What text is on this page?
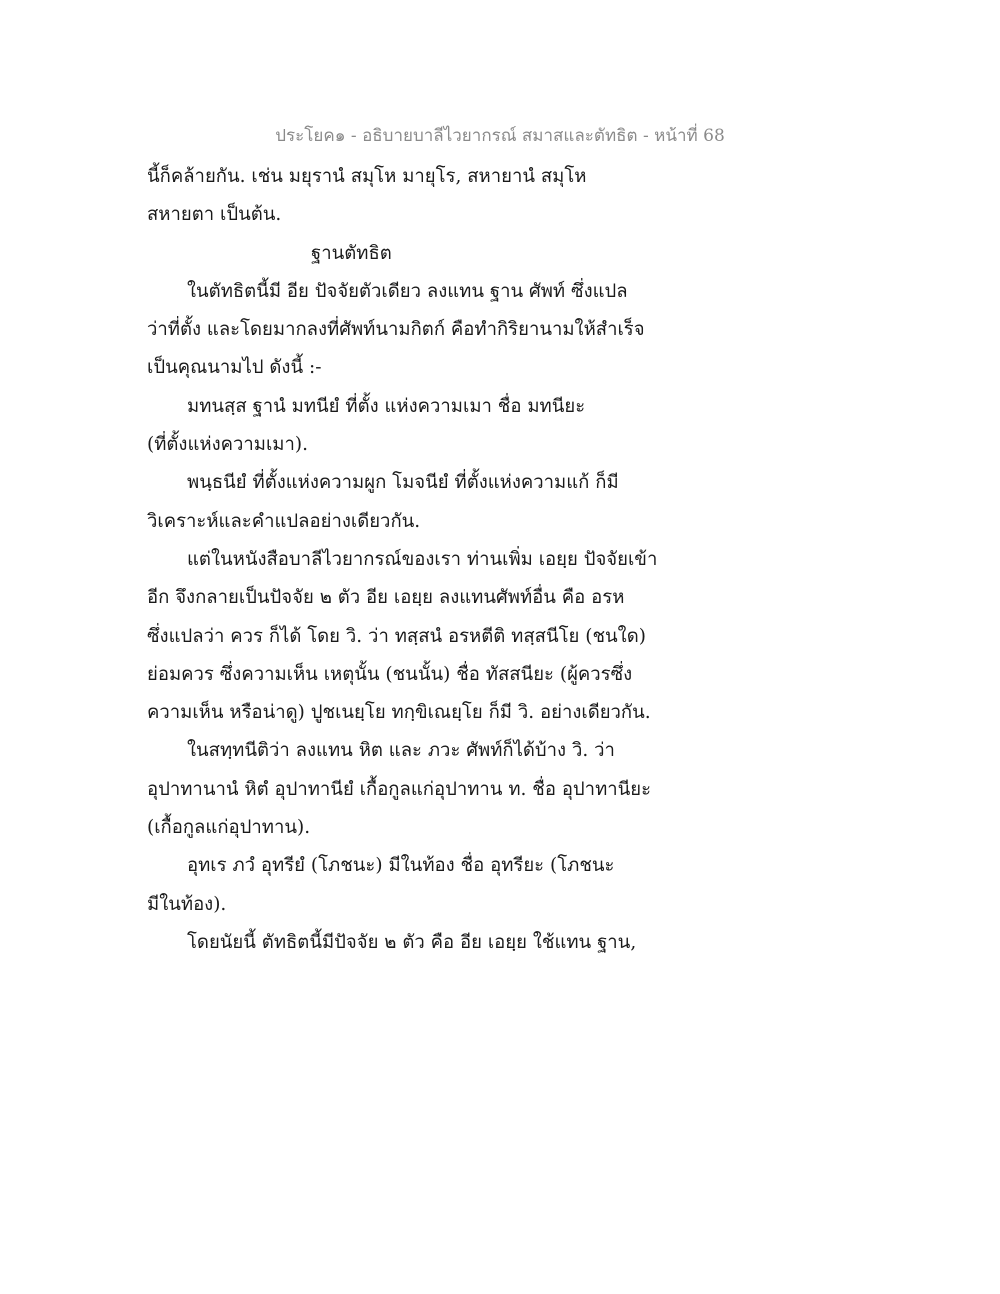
ประโยค๑ - อธิบายบาลีไวยากรณ์ สมาสและตัทธิต - หน้าที่ 68
นี้ก็คล้ายกัน. เช่น มยุรานํ สมุโห มายุโร, สหายานํ สมุโห
สหายตา เป็นต้น.
ฐานตัทธิต
ในตัทธิตนี้มี อีย ปัจจัยตัวเดียว ลงแทน ฐาน ศัพท์ ซึ่งแปล
ว่าที่ตั้ง และโดยมากลงที่ศัพท์นามกิตก์ คือทำกิริยานามให้สำเร็จ
เป็นคุณนามไป ดังนี้ :-
มทนสฺส ฐานํ มทนียํ ที่ตั้ง แห่งความเมา ชื่อ มทนียะ
(ที่ตั้งแห่งความเมา).
พนฺธนียํ ที่ตั้งแห่งความผูก โมจนียํ ที่ตั้งแห่งความแก้ ก็มี
วิเคราะห์และคำแปลอย่างเดียวกัน.
แต่ในหนังสือบาลีไวยากรณ์ของเรา ท่านเพิ่ม เอยฺย ปัจจัยเข้า
อีก จึงกลายเป็นปัจจัย ๒ ตัว อีย เอยฺย ลงแทนศัพท์อื่น คือ อรห
ซึ่งแปลว่า ควร ก็ได้ โดย วิ. ว่า ทสฺสนํ อรหตีติ ทสฺสนีโย (ชนใด)
ย่อมควร ซึ่งความเห็น เหตุนั้น (ชนนั้น) ชื่อ ทัสสนียะ (ผู้ควรซึ่ง
ความเห็น หรือน่าดู) ปูชเนยฺโย ทกฺขิเณยฺโย ก็มี วิ. อย่างเดียวกัน.
ในสทฺทนีติว่า ลงแทน หิต และ ภวะ ศัพท์ก็ได้บ้าง วิ. ว่า
อุปาทานานํ หิตํ อุปาทานียํ เกื้อกูลแก่อุปาทาน ท. ชื่อ อุปาทานียะ
(เกื้อกูลแก่อุปาทาน).
อุทเร ภวํ อุทรียํ (โภชนะ) มีในท้อง ชื่อ อุทรียะ (โภชนะ
มีในท้อง).
โดยนัยนี้ ตัทธิตนี้มีปัจจัย ๒ ตัว คือ อีย เอยฺย ใช้แทน ฐาน,
